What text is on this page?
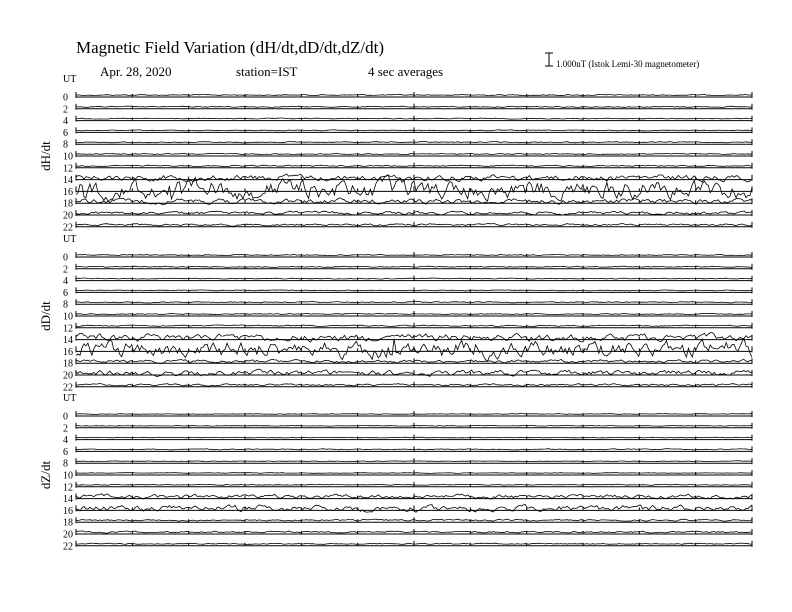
Magnetic Field Variation (dH/dt,dD/dt,dZ/dt)
Apr. 28, 2020	station=IST	4 sec averages	1.000nT (Istok Lemi-30 magnetometer)
UT
UT
UT
dH/dt
dD/dt
dZ/dt
0
2
4
6
8
10
12
14
16
18
20
22
0
2
4
6
8
10
12
14
16
18
20
22
0
2
4
6
8
10
12
14
16
18
20
22
